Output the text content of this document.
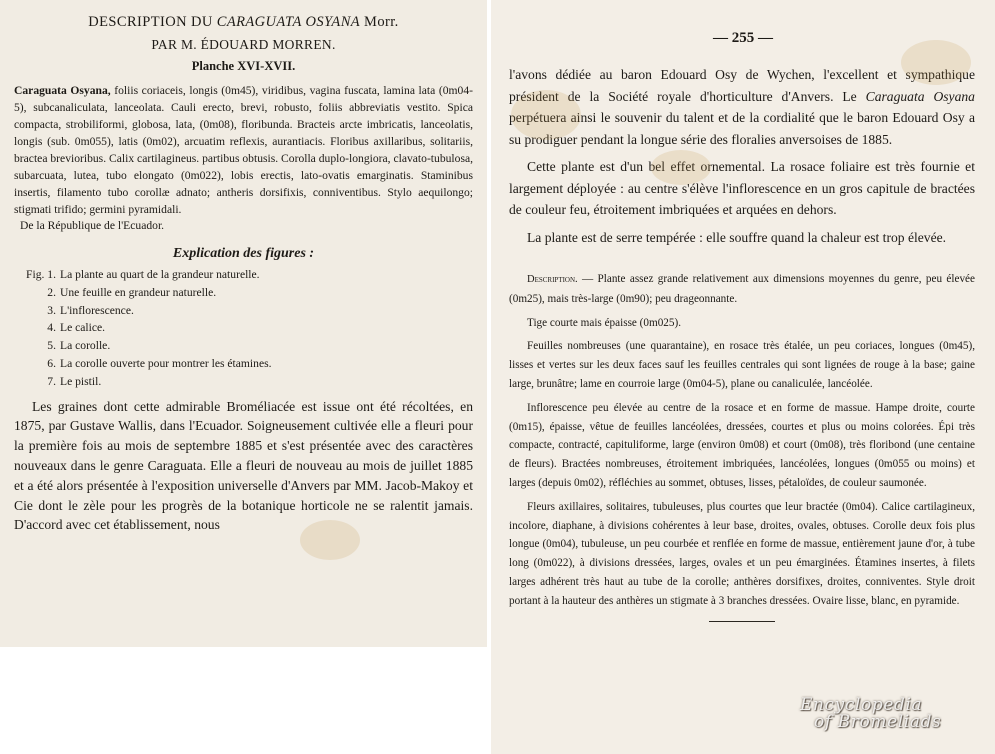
DESCRIPTION DU CARAGUATA OSYANA Morr.
PAR M. ÉDOUARD MORREN.
Planche XVI-XVII.
Caraguata Osyana, foliis coriaceis, longis (0m45), viridibus, vagina fuscata, lamina lata (0m04-5), subcanaliculata, lanceolata. Cauli erecto, brevi, robusto, foliis abbreviatis vestito. Spica compacta, strobiliformi, globosa, lata, (0m08), floribunda. Bracteis arcte imbricatis, lanceolatis, longis (sub. 0m055), latis (0m02), arcuatim reflexis, aurantiacis. Floribus axillaribus, solitariis, bractea brevioribus. Calix cartilagineus. partibus obtusis. Corolla duplo-longiora, clavato-tubulosa, subarcuata, lutea, tubo elongato (0m022), lobis erectis, lato-ovatis emarginatis. Staminibus insertis, filamento tubo corollæ adnato; antheris dorsifixis, conniventibus. Stylo aequilongo; stigmati trifido; germini pyramidali.
De la République de l'Ecuador.
Explication des figures :
Fig. 1. La plante au quart de la grandeur naturelle.
2. Une feuille en grandeur naturelle.
3. L'inflorescence.
4. Le calice.
5. La corolle.
6. La corolle ouverte pour montrer les étamines.
7. Le pistil.
Les graines dont cette admirable Broméliacée est issue ont été récoltées, en 1875, par Gustave Wallis, dans l'Ecuador. Soigneusement cultivée elle a fleuri pour la première fois au mois de septembre 1885 et s'est présentée avec des caractères nouveaux dans le genre Caraguata. Elle a fleuri de nouveau au mois de juillet 1885 et a été alors présentée à l'exposition universelle d'Anvers par MM. Jacob-Makoy et Cie dont le zèle pour les progrès de la botanique horticole ne se ralentit jamais. D'accord avec cet établissement, nous
— 255 —
l'avons dédiée au baron Edouard Osy de Wychen, l'excellent et sympathique président de la Société royale d'horticulture d'Anvers. Le Caraguata Osyana perpétuera ainsi le souvenir du talent et de la cordialité que le baron Edouard Osy a su prodiguer pendant la longue série des floralies anversoises de 1885.
Cette plante est d'un bel effet ornemental. La rosace foliaire est très fournie et largement déployée : au centre s'élève l'inflorescence en un gros capitule de bractées de couleur feu, étroitement imbriquées et arquées en dehors.
La plante est de serre tempérée : elle souffre quand la chaleur est trop élevée.
Description. — Plante assez grande relativement aux dimensions moyennes du genre, peu élevée (0m25), mais très-large (0m90); peu drageonnante.
Tige courte mais épaisse (0m025).
Feuilles nombreuses (une quarantaine), en rosace très étalée, un peu coriaces, longues (0m45), lisses et vertes sur les deux faces sauf les feuilles centrales qui sont lignées de rouge à la base; gaine large, brunâtre; lame en courroie large (0m04-5), plane ou canaliculée, lancéolée.
Inflorescence peu élevée au centre de la rosace et en forme de massue. Hampe droite, courte (0m15), épaisse, vêtue de feuilles lancéolées, dressées, courtes et plus ou moins colorées. Épi très compacte, contracté, capituliforme, large (environ 0m08) et court (0m08), très floribond (une centaine de fleurs). Bractées nombreuses, étroitement imbriquées, lancéolées, longues (0m055 ou moins) et larges (depuis 0m02), réfléchies au sommet, obtuses, lisses, pétaloïdes, de couleur saumonée.
Fleurs axillaires, solitaires, tubuleuses, plus courtes que leur bractée (0m04). Calice cartilagineux, incolore, diaphane, à divisions cohérentes à leur base, droites, ovales, obtuses. Corolle deux fois plus longue (0m04), tubuleuse, un peu courbée et renflée en forme de massue, entièrement jaune d'or, à tube long (0m022), à divisions dressées, larges, ovales et un peu émarginées. Étamines insertes, à filets larges adhérent très haut au tube de la corolle; anthères dorsifixes, droites, conniventes. Style droit portant à la hauteur des anthères un stigmate à 3 branches dressées. Ovaire lisse, blanc, en pyramide.
Encyclopedia
of Bromeliads
